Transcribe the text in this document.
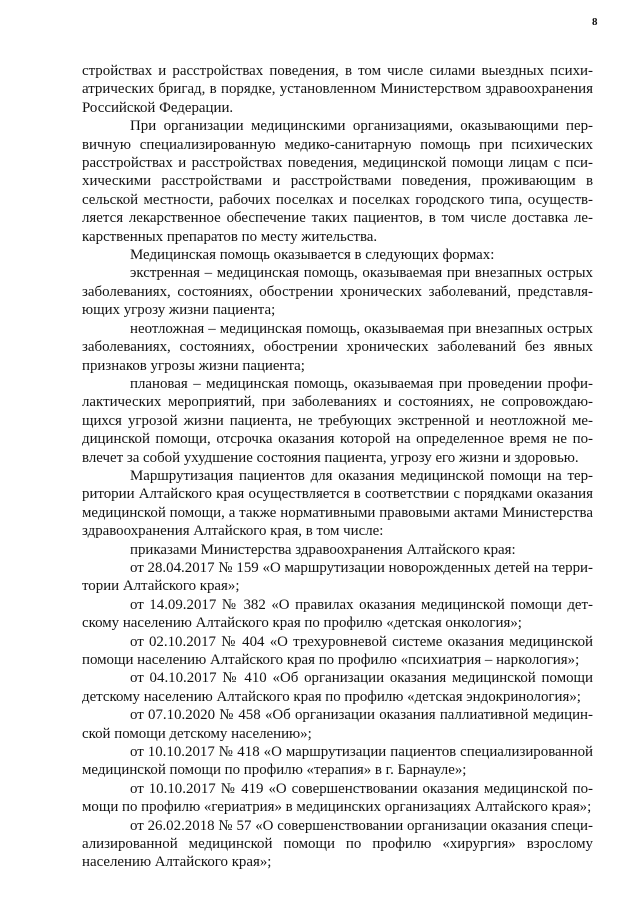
8

стройствах и расстройствах поведения, в том числе силами выездных психиатрических бригад, в порядке, установленном Министерством здравоохранения Российской Федерации.

При организации медицинскими организациями, оказывающими первичную специализированную медико-санитарную помощь при психических расстройствах и расстройствах поведения, медицинской помощи лицам с психическими расстройствами и расстройствами поведения, проживающим в сельской местности, рабочих поселках и поселках городского типа, осуществляется лекарственное обеспечение таких пациентов, в том числе доставка лекарственных препаратов по месту жительства.

Медицинская помощь оказывается в следующих формах:

экстренная – медицинская помощь, оказываемая при внезапных острых заболеваниях, состояниях, обострении хронических заболеваний, представляющих угрозу жизни пациента;

неотложная – медицинская помощь, оказываемая при внезапных острых заболеваниях, состояниях, обострении хронических заболеваний без явных признаков угрозы жизни пациента;

плановая – медицинская помощь, оказываемая при проведении профилактических мероприятий, при заболеваниях и состояниях, не сопровождающихся угрозой жизни пациента, не требующих экстренной и неотложной медицинской помощи, отсрочка оказания которой на определенное время не повлечет за собой ухудшение состояния пациента, угрозу его жизни и здоровью.

Маршрутизация пациентов для оказания медицинской помощи на территории Алтайского края осуществляется в соответствии с порядками оказания медицинской помощи, а также нормативными правовыми актами Министерства здравоохранения Алтайского края, в том числе:

приказами Министерства здравоохранения Алтайского края:

от 28.04.2017 № 159 «О маршрутизации новорожденных детей на территории Алтайского края»;

от 14.09.2017 № 382 «О правилах оказания медицинской помощи детскому населению Алтайского края по профилю «детская онкология»;

от 02.10.2017 № 404 «О трехуровневой системе оказания медицинской помощи населению Алтайского края по профилю «психиатрия – наркология»;

от 04.10.2017 № 410 «Об организации оказания медицинской помощи детскому населению Алтайского края по профилю «детская эндокринология»;

от 07.10.2020 № 458 «Об организации оказания паллиативной медицинской помощи детскому населению»;

от 10.10.2017 № 418 «О маршрутизации пациентов специализированной медицинской помощи по профилю «терапия» в г. Барнауле»;

от 10.10.2017 № 419 «О совершенствовании оказания медицинской помощи по профилю «гериатрия» в медицинских организациях Алтайского края»;

от 26.02.2018 № 57 «О совершенствовании организации оказания специализированной медицинской помощи по профилю «хирургия» взрослому населению Алтайского края»;
